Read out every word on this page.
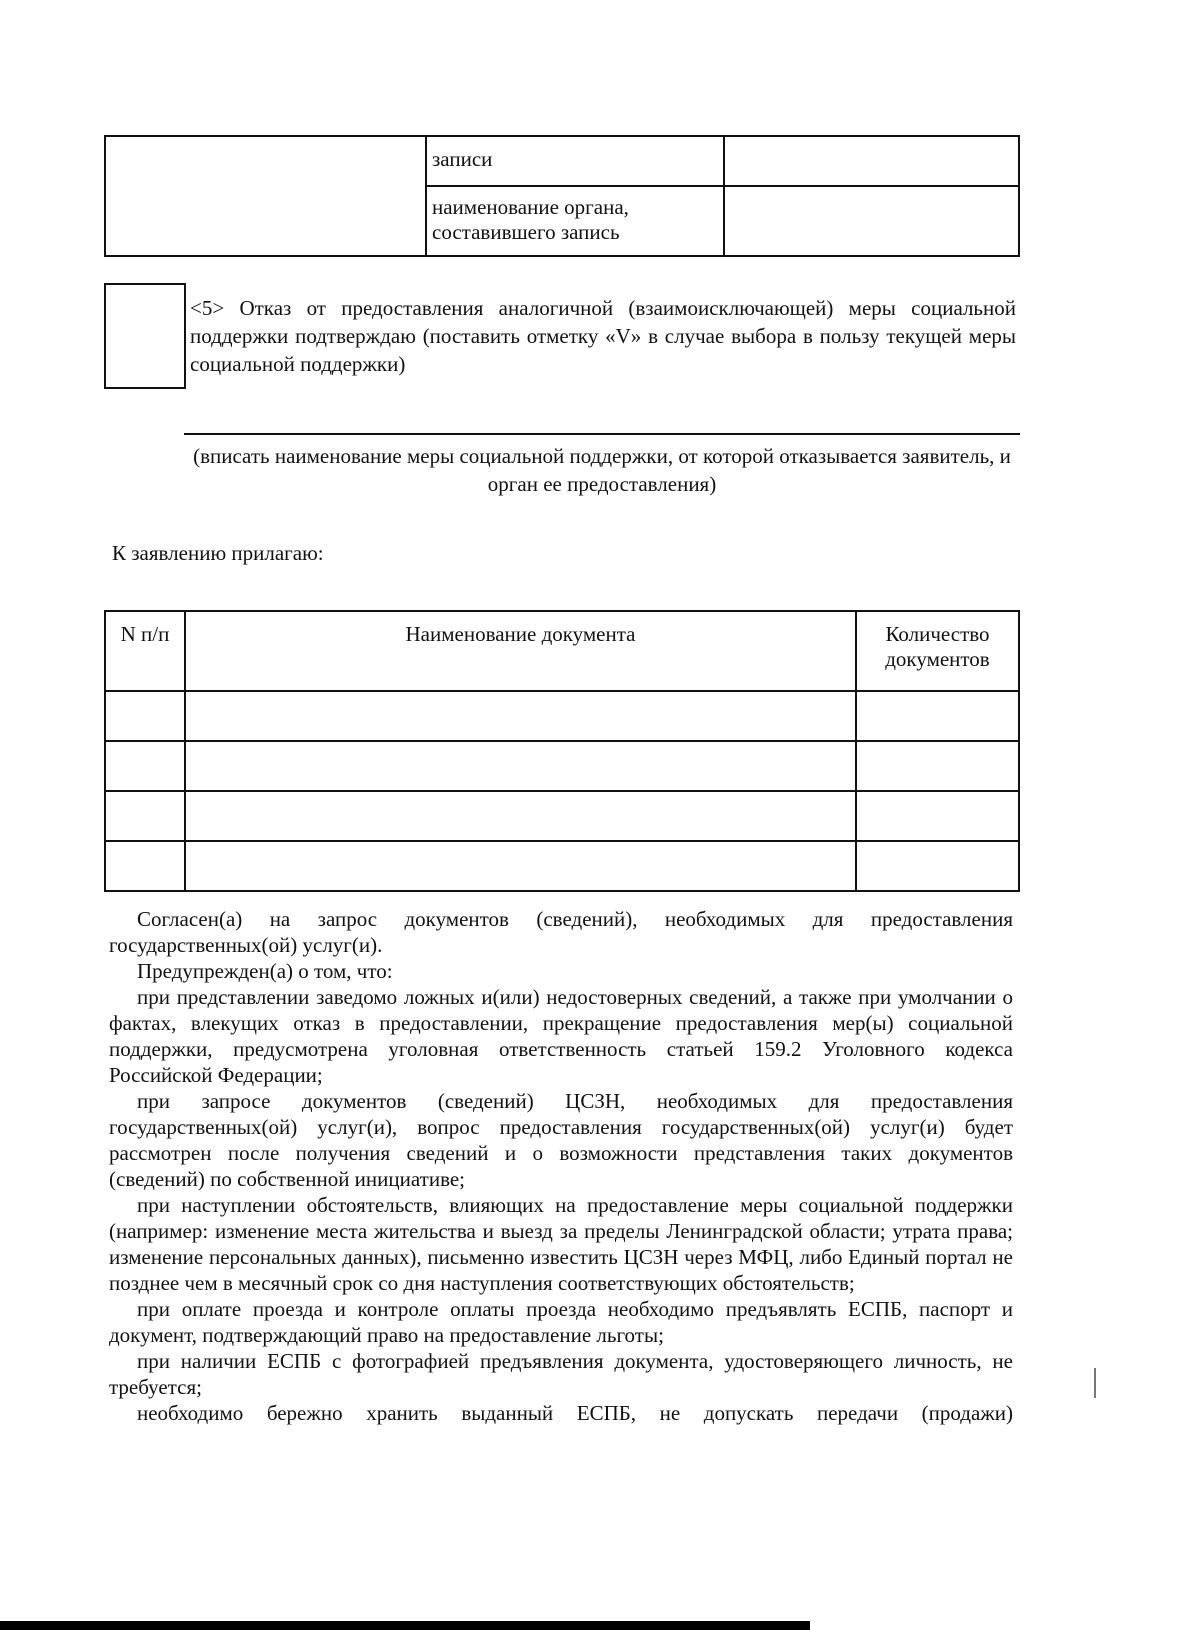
	записи	
	наименование органа, составившего запись	
<5> Отказ от предоставления аналогичной (взаимоисключающей) меры социальной поддержки подтверждаю (поставить отметку «V» в случае выбора в пользу текущей меры социальной поддержки)
(вписать наименование меры социальной поддержки, от которой отказывается заявитель, и орган ее предоставления)
К заявлению прилагаю:
N п/п	Наименование документа	Количество документов

Согласен(а) на запрос документов (сведений), необходимых для предоставления государственных(ой) услуг(и).

Предупрежден(а) о том, что:

при представлении заведомо ложных и(или) недостоверных сведений, а также при умолчании о фактах, влекущих отказ в предоставлении, прекращение предоставления мер(ы) социальной поддержки, предусмотрена уголовная ответственность статьей 159.2 Уголовного кодекса Российской Федерации;

при запросе документов (сведений) ЦСЗН, необходимых для предоставления государственных(ой) услуг(и), вопрос предоставления государственных(ой) услуг(и) будет рассмотрен после получения сведений и о возможности представления таких документов (сведений) по собственной инициативе;

при наступлении обстоятельств, влияющих на предоставление меры социальной поддержки (например: изменение места жительства и выезд за пределы Ленинградской области; утрата права; изменение персональных данных), письменно известить ЦСЗН через МФЦ, либо Единый портал не позднее чем в месячный срок со дня наступления соответствующих обстоятельств;

при оплате проезда и контроле оплаты проезда необходимо предъявлять ЕСПБ, паспорт и документ, подтверждающий право на предоставление льготы;

при наличии ЕСПБ с фотографией предъявления документа, удостоверяющего личность, не требуется;

необходимо бережно хранить выданный ЕСПБ, не допускать передачи (продажи)
